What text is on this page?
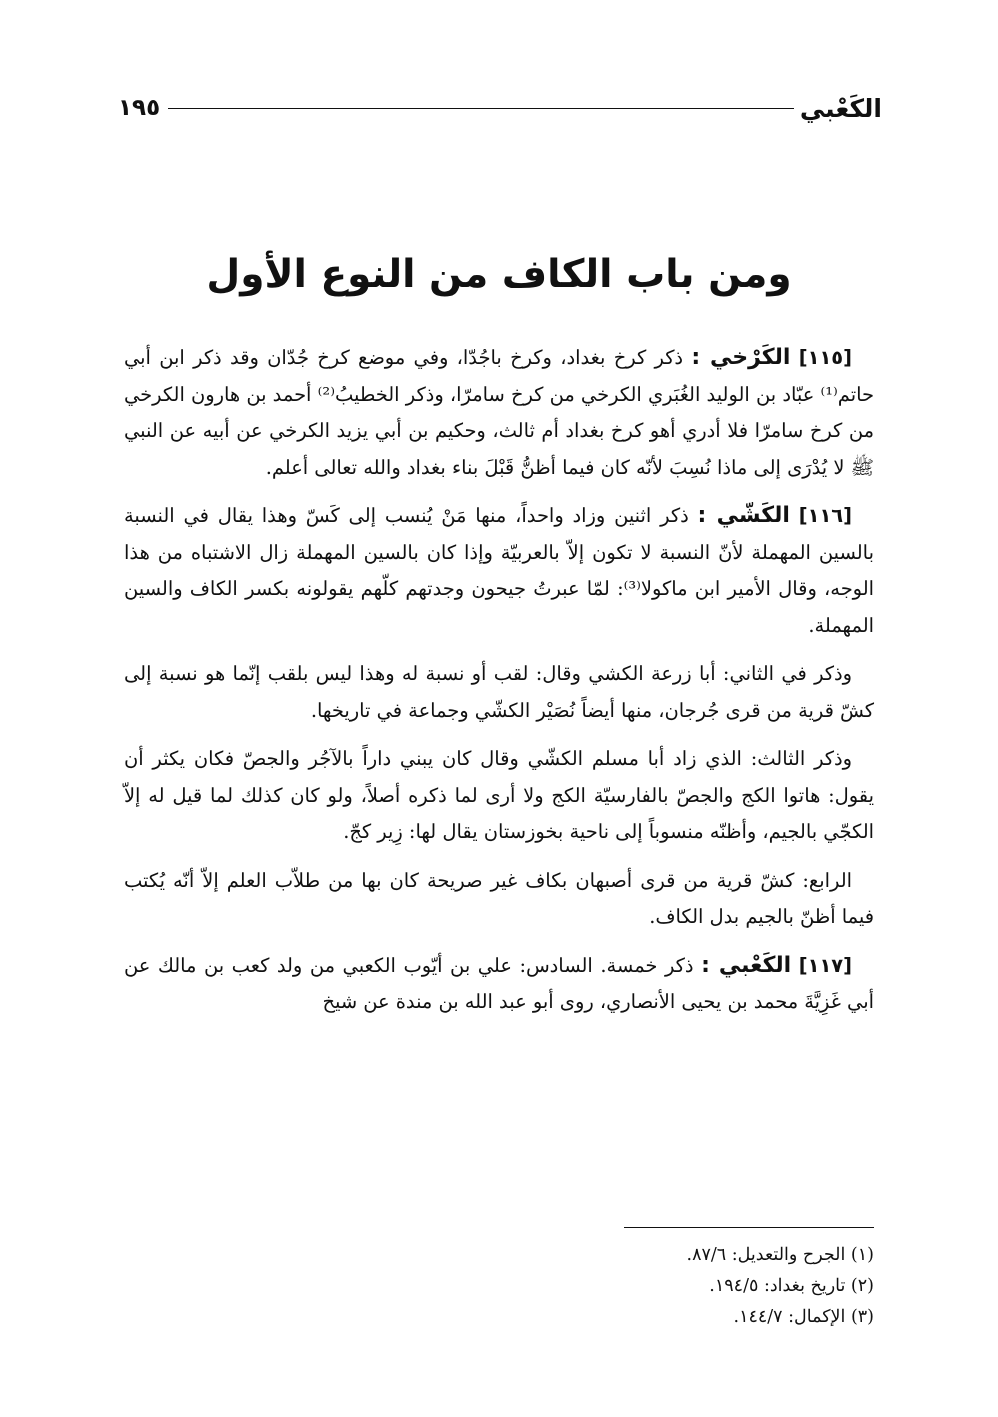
الكَعْبي
١٩٥
ومن باب الكاف من النوع الأول

[١١٥] الكَرْخي : ذكر كرخ بغداد، وكرخ باجُدّا، وفي موضع كرخ جُدّان وقد ذكر ابن أبي حاتم⁽¹⁾ عبّاد بن الوليد الغُبَري الكرخي من كرخ سامرّا، وذكر الخطيبُ⁽²⁾ أحمد بن هارون الكرخي من كرخ سامرّا فلا أدري أهو كرخ بغداد أم ثالث، وحكيم بن أبي يزيد الكرخي عن أبيه عن النبي ﷺ لا يُدْرَى إلى ماذا نُسِبَ لأنّه كان فيما أظنُّ قَبْلَ بناء بغداد والله تعالى أعلم.

[١١٦] الكَشّي : ذكر اثنين وزاد واحداً، منها مَنْ يُنسب إلى كَسّ وهذا يقال في النسبة بالسين المهملة لأنّ النسبة لا تكون إلاّ بالعربيّة وإذا كان بالسين المهملة زال الاشتباه من هذا الوجه، وقال الأمير ابن ماكولا⁽³⁾: لمّا عبرتُ جيحون وجدتهم كلّهم يقولونه بكسر الكاف والسين المهملة.

وذكر في الثاني: أبا زرعة الكشي وقال: لقب أو نسبة له وهذا ليس بلقب إنّما هو نسبة إلى كشّ قرية من قرى جُرجان، منها أيضاً نُصَيْر الكشّي وجماعة في تاريخها.

وذكر الثالث: الذي زاد أبا مسلم الكشّي وقال كان يبني داراً بالآجُر والجصّ فكان يكثر أن يقول: هاتوا الكج والجصّ بالفارسيّة الكج ولا أرى لما ذكره أصلاً، ولو كان كذلك لما قيل له إلاّ الكجّي بالجيم، وأظنّه منسوباً إلى ناحية بخوزستان يقال لها: زِير كجّ.

الرابع: كشّ قرية من قرى أصبهان بكاف غير صريحة كان بها من طلاّب العلم إلاّ أنّه يُكتب فيما أظنّ بالجيم بدل الكاف.

[١١٧] الكَعْبي : ذكر خمسة. السادس: علي بن أيّوب الكعبي من ولد كعب بن مالك عن أبي غَزِيَّةَ محمد بن يحيى الأنصاري، روى أبو عبد الله بن مندة عن شيخ

(١) الجرح والتعديل: ٨٧/٦.

(٢) تاريخ بغداد: ١٩٤/٥.

(٣) الإكمال: ١٤٤/٧.
